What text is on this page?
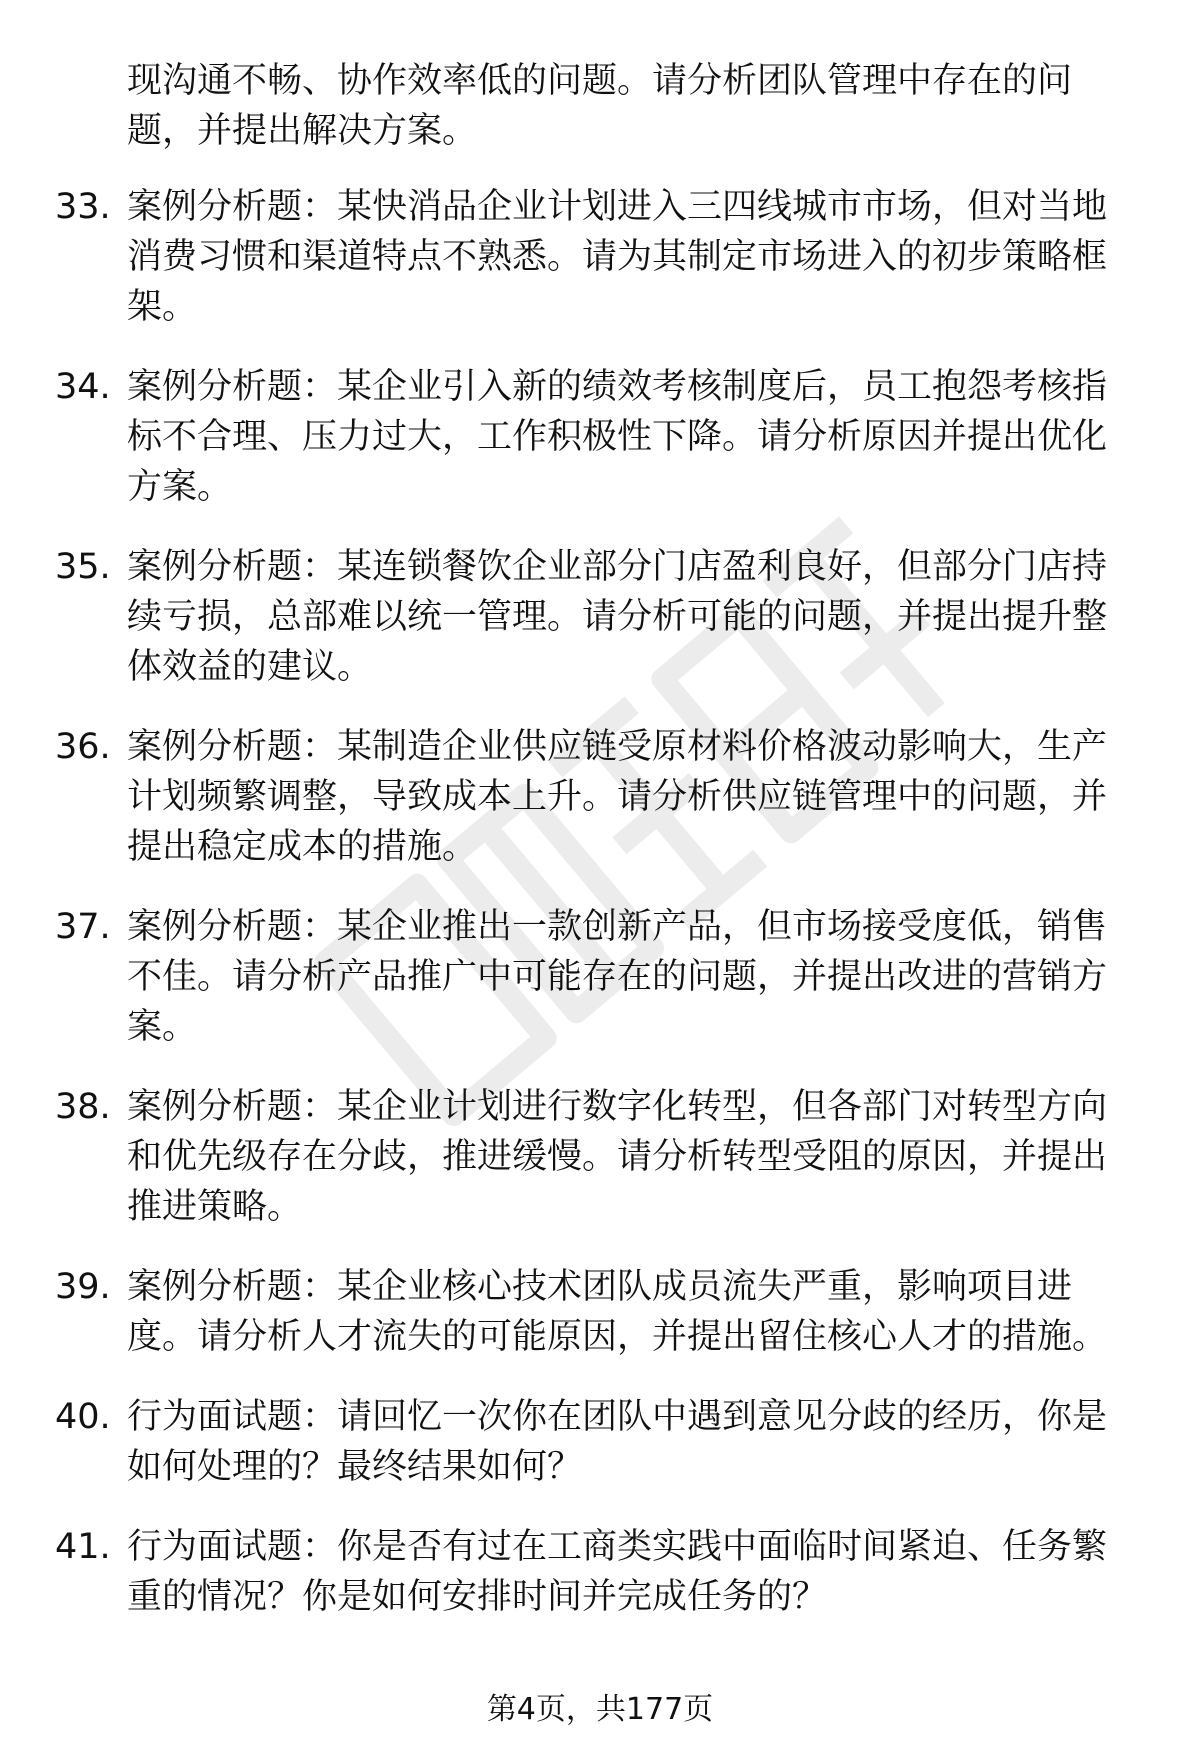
现沟通不畅、协作效率低的问题。请分析团队管理中存在的问题，并提出解决方案。
33. 案例分析题：某快消品企业计划进入三四线城市市场，但对当地消费习惯和渠道特点不熟悉。请为其制定市场进入的初步策略框架。
34. 案例分析题：某企业引入新的绩效考核制度后，员工抱怨考核指标不合理、压力过大，工作积极性下降。请分析原因并提出优化方案。
35. 案例分析题：某连锁餐饮企业部分门店盈利良好，但部分门店持续亏损，总部难以统一管理。请分析可能的问题，并提出提升整体效益的建议。
36. 案例分析题：某制造企业供应链受原材料价格波动影响大，生产计划频繁调整，导致成本上升。请分析供应链管理中的问题，并提出稳定成本的措施。
37. 案例分析题：某企业推出一款创新产品，但市场接受度低，销售不佳。请分析产品推广中可能存在的问题，并提出改进的营销方案。
38. 案例分析题：某企业计划进行数字化转型，但各部门对转型方向和优先级存在分歧，推进缓慢。请分析转型受阻的原因，并提出推进策略。
39. 案例分析题：某企业核心技术团队成员流失严重，影响项目进度。请分析人才流失的可能原因，并提出留住核心人才的措施。
40. 行为面试题：请回忆一次你在团队中遇到意见分歧的经历，你是如何处理的？最终结果如何？
41. 行为面试题：你是否有过在工商类实践中面临时间紧迫、任务繁重的情况？你是如何安排时间并完成任务的？
第4页，共177页
